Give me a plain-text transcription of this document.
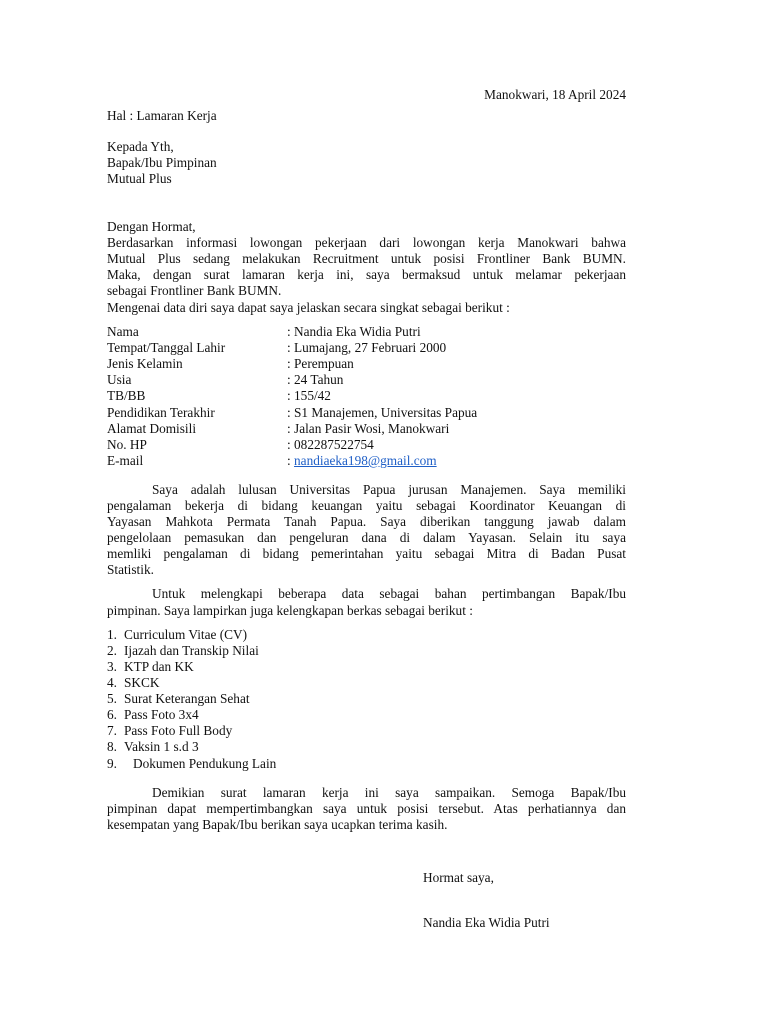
Manokwari, 18 April 2024
Hal : Lamaran Kerja
Kepada Yth,
Bapak/Ibu Pimpinan
Mutual Plus
Dengan Hormat,
Berdasarkan informasi lowongan pekerjaan dari lowongan kerja Manokwari bahwa
Mutual Plus sedang melakukan Recruitment untuk posisi Frontliner Bank BUMN.
Maka, dengan surat lamaran kerja ini, saya bermaksud untuk melamar pekerjaan
sebagai Frontliner Bank BUMN.
Mengenai data diri saya dapat saya jelaskan secara singkat sebagai berikut :
Nama	: Nandia Eka Widia Putri
Tempat/Tanggal Lahir	: Lumajang, 27 Februari 2000
Jenis Kelamin	: Perempuan
Usia	: 24 Tahun
TB/BB	: 155/42
Pendidikan Terakhir	: S1 Manajemen, Universitas Papua
Alamat Domisili	: Jalan Pasir Wosi, Manokwari
No. HP	: 082287522754
E-mail	: nandiaeka198@gmail.com
Saya adalah lulusan Universitas Papua jurusan Manajemen. Saya memiliki
pengalaman bekerja di bidang keuangan yaitu sebagai Koordinator Keuangan di
Yayasan Mahkota Permata Tanah Papua. Saya diberikan tanggung jawab dalam
pengelolaan pemasukan dan pengeluran dana di dalam Yayasan. Selain itu saya
memliki pengalaman di bidang pemerintahan yaitu sebagai Mitra di Badan Pusat
Statistik.
Untuk melengkapi beberapa data sebagai bahan pertimbangan Bapak/Ibu
pimpinan. Saya lampirkan juga kelengkapan berkas sebagai berikut :
1. Curriculum Vitae (CV)
2. Ijazah dan Transkip Nilai
3. KTP dan KK
4. SKCK
5. Surat Keterangan Sehat
6. Pass Foto 3x4
7. Pass Foto Full Body
8. Vaksin 1 s.d 3
9. Dokumen Pendukung Lain
Demikian surat lamaran kerja ini saya sampaikan. Semoga Bapak/Ibu
pimpinan dapat mempertimbangkan saya untuk posisi tersebut. Atas perhatiannya dan
kesempatan yang Bapak/Ibu berikan saya ucapkan terima kasih.
Hormat saya,
Nandia Eka Widia Putri
